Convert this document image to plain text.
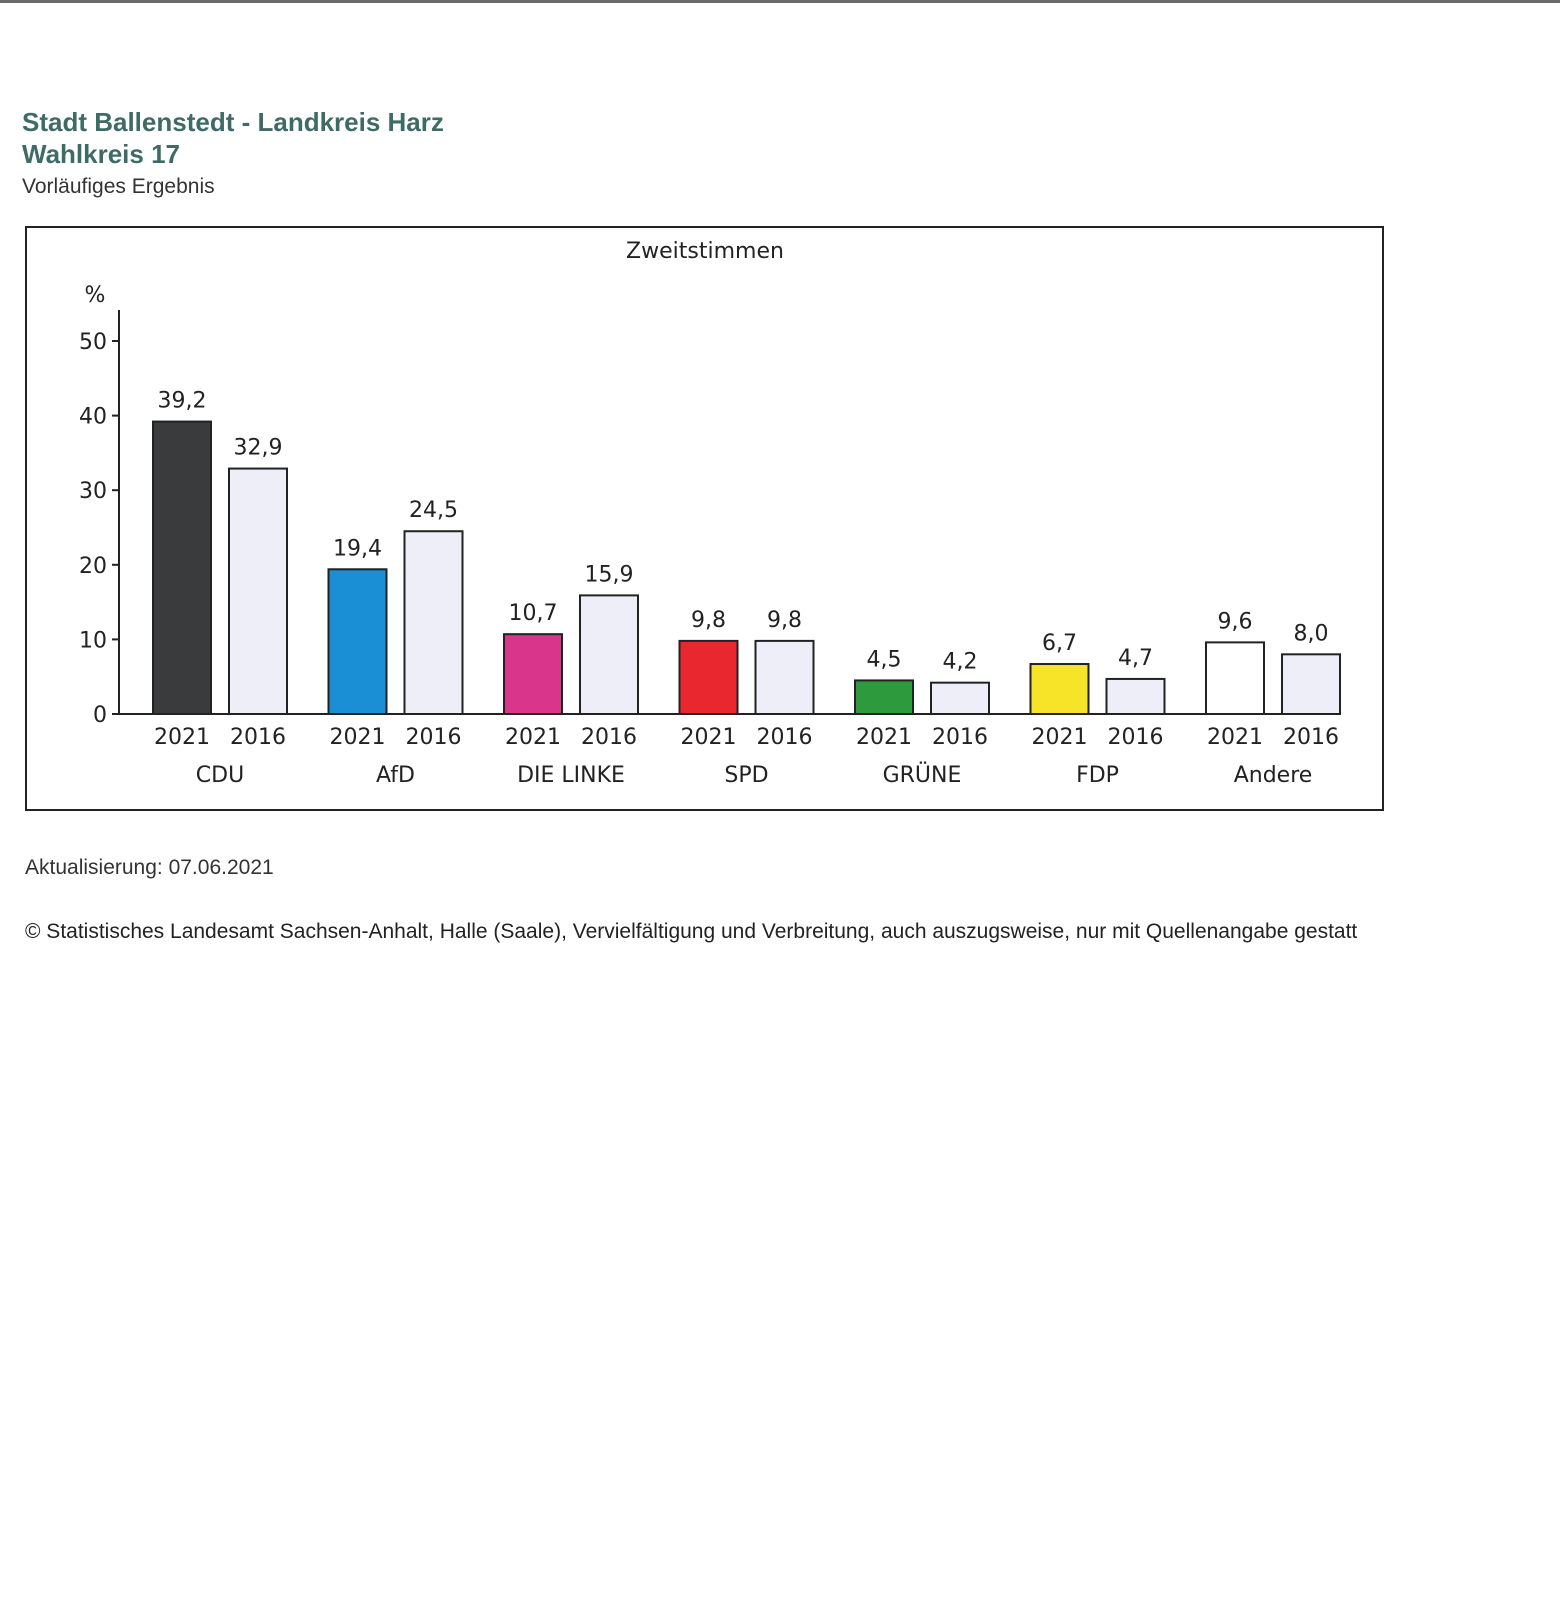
Stadt Ballenstedt - Landkreis Harz
Wahlkreis 17
Vorläufiges Ergebnis
Zweitstimmen
%
0
10
20
30
40
50
39,2
2021
32,9
2016
CDU
19,4
2021
24,5
2016
AfD
10,7
2021
15,9
2016
DIE LINKE
9,8
2021
9,8
2016
SPD
4,5
2021
4,2
2016
GRÜNE
6,7
2021
4,7
2016
FDP
9,6
2021
8,0
2016
Andere
Aktualisierung: 07.06.2021
© Statistisches Landesamt Sachsen-Anhalt, Halle (Saale), Vervielfältigung und Verbreitung, auch auszugsweise, nur mit Quellenangabe gestatt
